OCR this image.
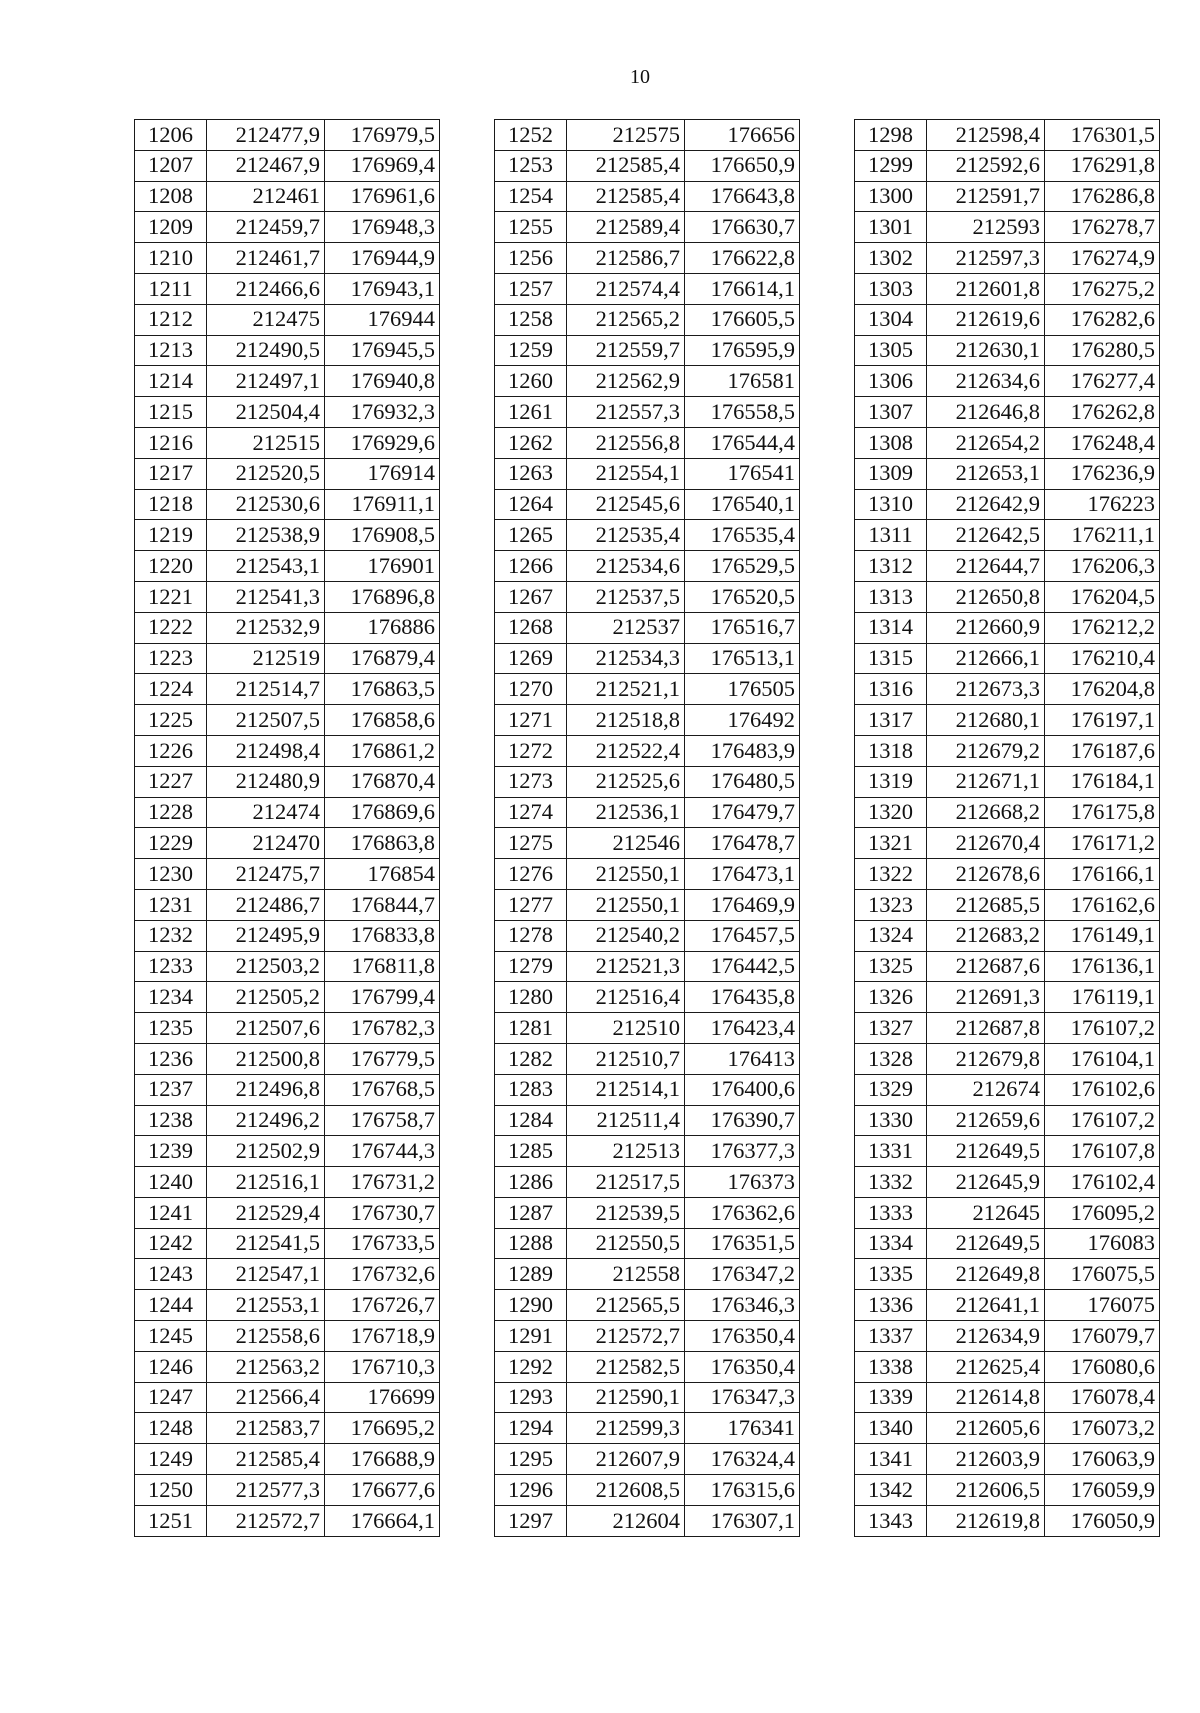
10
1206	212477,9	176979,5
1207	212467,9	176969,4
1208	212461	176961,6
1209	212459,7	176948,3
1210	212461,7	176944,9
1211	212466,6	176943,1
1212	212475	176944
1213	212490,5	176945,5
1214	212497,1	176940,8
1215	212504,4	176932,3
1216	212515	176929,6
1217	212520,5	176914
1218	212530,6	176911,1
1219	212538,9	176908,5
1220	212543,1	176901
1221	212541,3	176896,8
1222	212532,9	176886
1223	212519	176879,4
1224	212514,7	176863,5
1225	212507,5	176858,6
1226	212498,4	176861,2
1227	212480,9	176870,4
1228	212474	176869,6
1229	212470	176863,8
1230	212475,7	176854
1231	212486,7	176844,7
1232	212495,9	176833,8
1233	212503,2	176811,8
1234	212505,2	176799,4
1235	212507,6	176782,3
1236	212500,8	176779,5
1237	212496,8	176768,5
1238	212496,2	176758,7
1239	212502,9	176744,3
1240	212516,1	176731,2
1241	212529,4	176730,7
1242	212541,5	176733,5
1243	212547,1	176732,6
1244	212553,1	176726,7
1245	212558,6	176718,9
1246	212563,2	176710,3
1247	212566,4	176699
1248	212583,7	176695,2
1249	212585,4	176688,9
1250	212577,3	176677,6
1251	212572,7	176664,1
1252	212575	176656
1253	212585,4	176650,9
1254	212585,4	176643,8
1255	212589,4	176630,7
1256	212586,7	176622,8
1257	212574,4	176614,1
1258	212565,2	176605,5
1259	212559,7	176595,9
1260	212562,9	176581
1261	212557,3	176558,5
1262	212556,8	176544,4
1263	212554,1	176541
1264	212545,6	176540,1
1265	212535,4	176535,4
1266	212534,6	176529,5
1267	212537,5	176520,5
1268	212537	176516,7
1269	212534,3	176513,1
1270	212521,1	176505
1271	212518,8	176492
1272	212522,4	176483,9
1273	212525,6	176480,5
1274	212536,1	176479,7
1275	212546	176478,7
1276	212550,1	176473,1
1277	212550,1	176469,9
1278	212540,2	176457,5
1279	212521,3	176442,5
1280	212516,4	176435,8
1281	212510	176423,4
1282	212510,7	176413
1283	212514,1	176400,6
1284	212511,4	176390,7
1285	212513	176377,3
1286	212517,5	176373
1287	212539,5	176362,6
1288	212550,5	176351,5
1289	212558	176347,2
1290	212565,5	176346,3
1291	212572,7	176350,4
1292	212582,5	176350,4
1293	212590,1	176347,3
1294	212599,3	176341
1295	212607,9	176324,4
1296	212608,5	176315,6
1297	212604	176307,1
1298	212598,4	176301,5
1299	212592,6	176291,8
1300	212591,7	176286,8
1301	212593	176278,7
1302	212597,3	176274,9
1303	212601,8	176275,2
1304	212619,6	176282,6
1305	212630,1	176280,5
1306	212634,6	176277,4
1307	212646,8	176262,8
1308	212654,2	176248,4
1309	212653,1	176236,9
1310	212642,9	176223
1311	212642,5	176211,1
1312	212644,7	176206,3
1313	212650,8	176204,5
1314	212660,9	176212,2
1315	212666,1	176210,4
1316	212673,3	176204,8
1317	212680,1	176197,1
1318	212679,2	176187,6
1319	212671,1	176184,1
1320	212668,2	176175,8
1321	212670,4	176171,2
1322	212678,6	176166,1
1323	212685,5	176162,6
1324	212683,2	176149,1
1325	212687,6	176136,1
1326	212691,3	176119,1
1327	212687,8	176107,2
1328	212679,8	176104,1
1329	212674	176102,6
1330	212659,6	176107,2
1331	212649,5	176107,8
1332	212645,9	176102,4
1333	212645	176095,2
1334	212649,5	176083
1335	212649,8	176075,5
1336	212641,1	176075
1337	212634,9	176079,7
1338	212625,4	176080,6
1339	212614,8	176078,4
1340	212605,6	176073,2
1341	212603,9	176063,9
1342	212606,5	176059,9
1343	212619,8	176050,9
